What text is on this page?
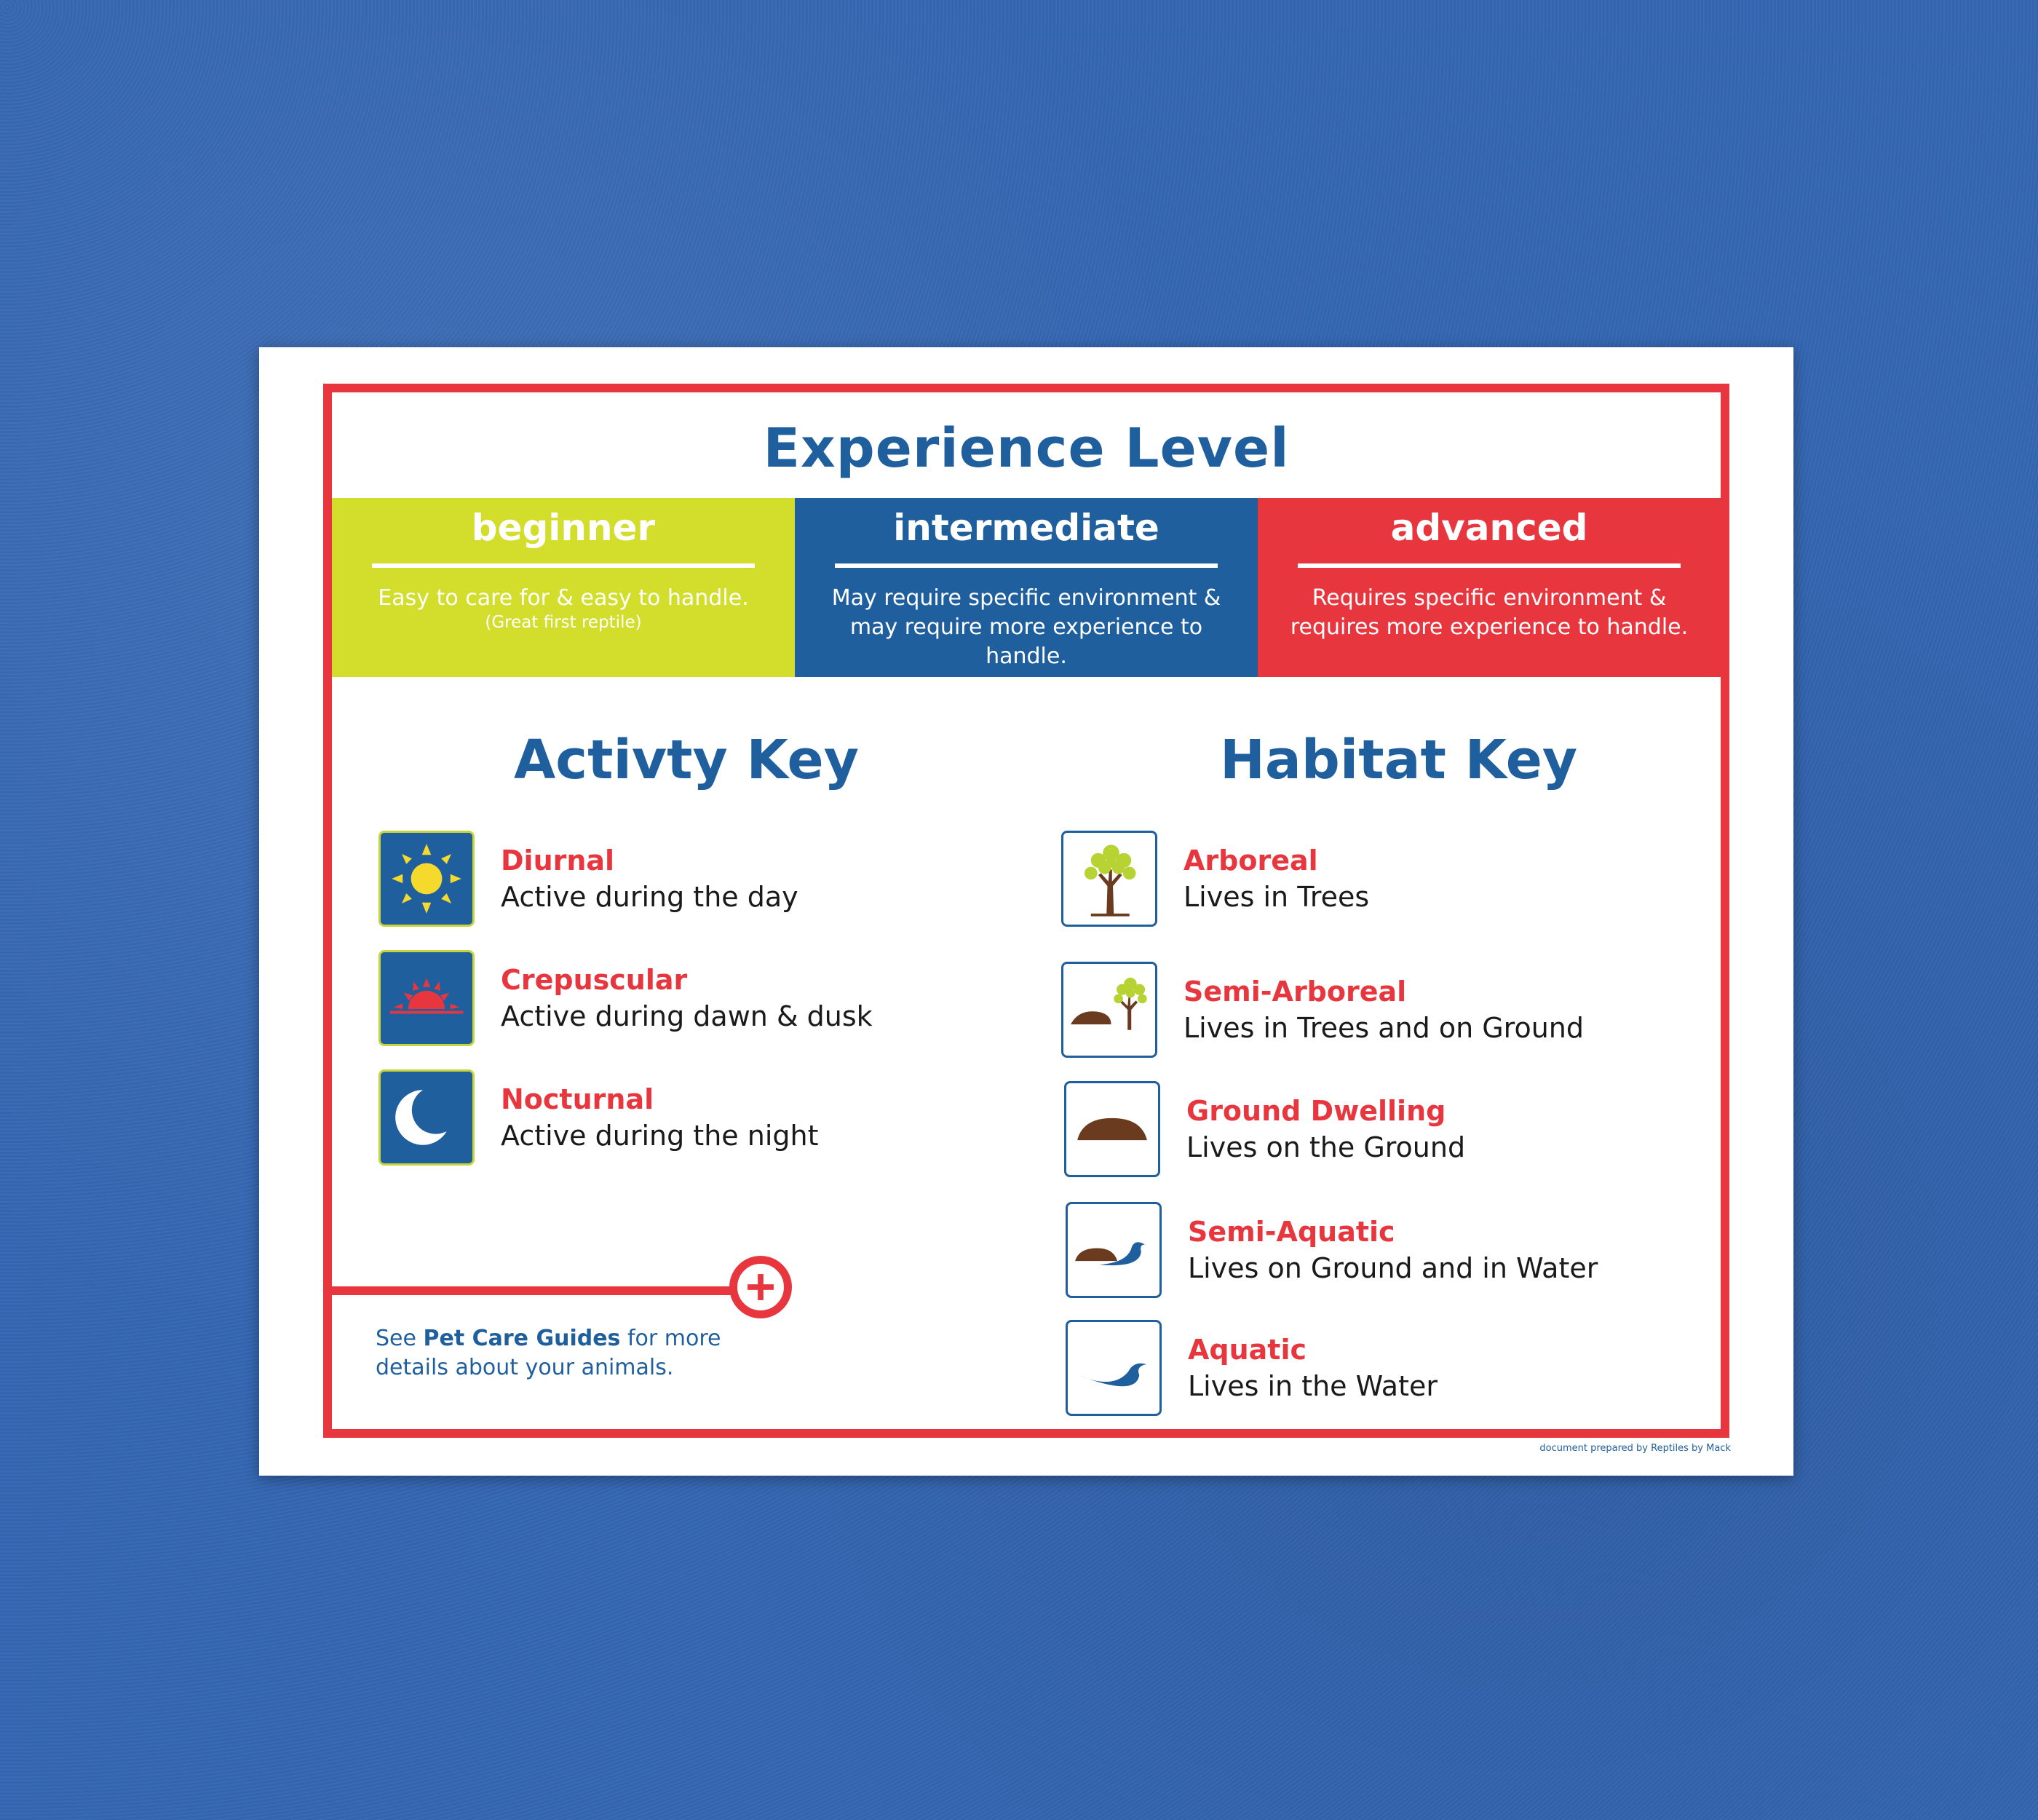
Experience Level
beginner
Easy to care for & easy to handle.
(Great first reptile)
intermediate
May require specific environment &
may require more experience to handle.
advanced
Requires specific environment &
requires more experience to handle.
Activty Key	Habitat Key
Diurnal
Active during the day
Crepuscular
Active during dawn & dusk
Nocturnal
Active during the night
Arboreal
Lives in Trees
Semi-Arboreal
Lives in Trees and on Ground
Ground Dwelling
Lives on the Ground
Semi-Aquatic
Lives on Ground and in Water
Aquatic
Lives in the Water
See Pet Care Guides for more details about your animals.
document prepared by Reptiles by Mack
